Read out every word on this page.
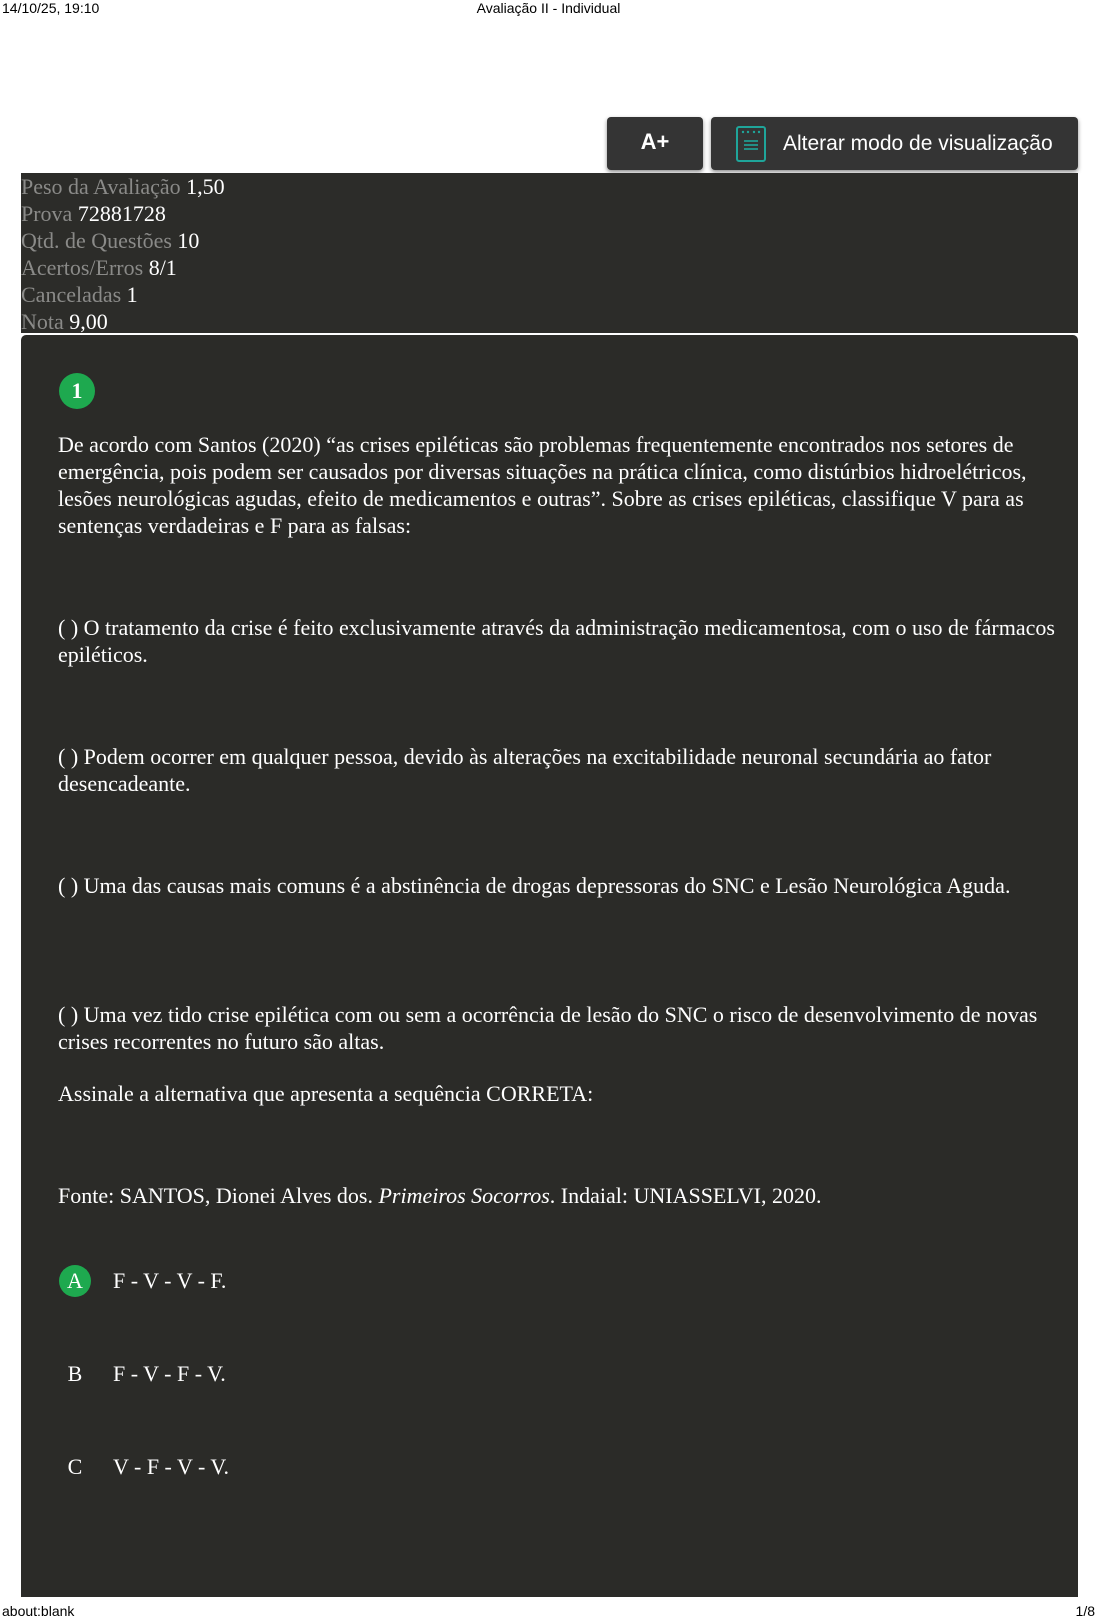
14/10/25, 19:10	Avaliação II - Individual
A+	Alterar modo de visualização
Peso da Avaliação 1,50
Prova 72881728
Qtd. de Questões 10
Acertos/Erros 8/1
Canceladas 1
Nota 9,00
1

De acordo com Santos (2020) “as crises epiléticas são problemas frequentemente encontrados nos setores de emergência, pois podem ser causados por diversas situações na prática clínica, como distúrbios hidroelétricos, lesões neurológicas agudas, efeito de medicamentos e outras”. Sobre as crises epiléticas, classifique V para as sentenças verdadeiras e F para as falsas:

( ) O tratamento da crise é feito exclusivamente através da administração medicamentosa, com o uso de fármacos epiléticos.

( ) Podem ocorrer em qualquer pessoa, devido às alterações na excitabilidade neuronal secundária ao fator desencadeante.

( ) Uma das causas mais comuns é a abstinência de drogas depressoras do SNC e Lesão Neurológica Aguda.

( ) Uma vez tido crise epilética com ou sem a ocorrência de lesão do SNC o risco de desenvolvimento de novas crises recorrentes no futuro são altas.

Assinale a alternativa que apresenta a sequência CORRETA:

Fonte: SANTOS, Dionei Alves dos. Primeiros Socorros. Indaial: UNIASSELVI, 2020.

A	F - V - V - F.
B	F - V - F - V.
C	V - F - V - V.
about:blank	1/8
